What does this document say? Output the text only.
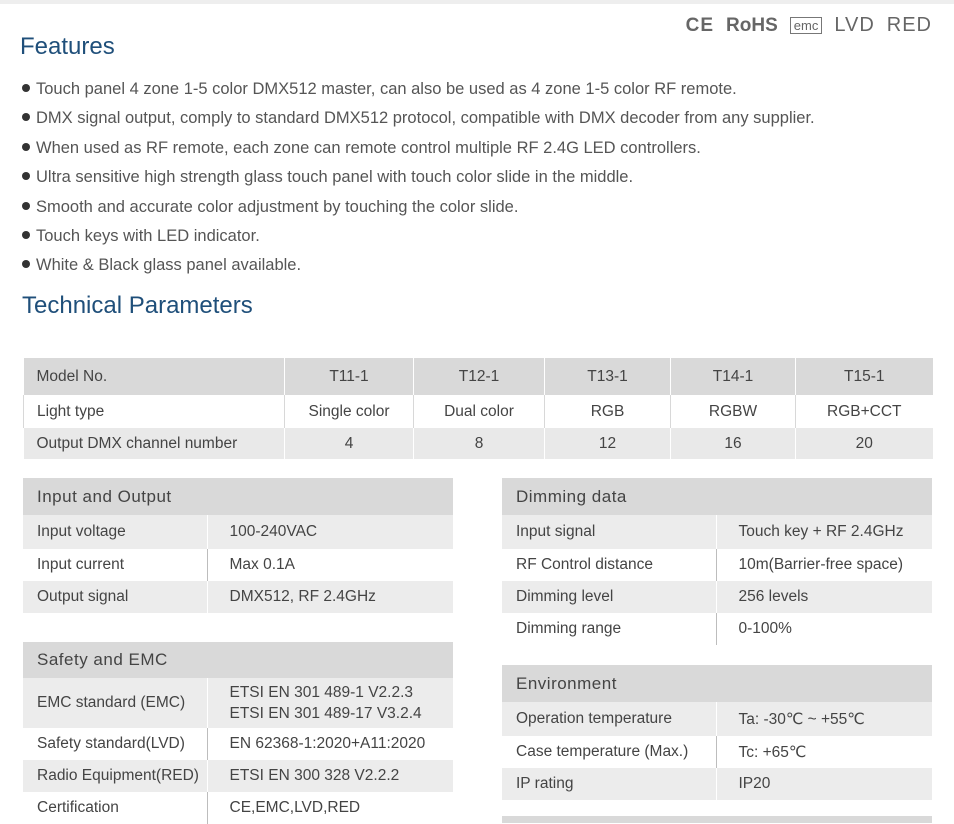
CE RoHS	emc LVD RED
Features
Touch panel 4 zone 1-5 color DMX512 master, can also be used as 4 zone 1-5 color RF remote.
DMX signal output, comply to standard DMX512 protocol, compatible with DMX decoder from any supplier.
When used as RF remote, each zone can remote control multiple RF 2.4G LED controllers.
Ultra sensitive high strength glass touch panel with touch color slide in the middle.
Smooth and accurate color adjustment by touching the color slide.
Touch keys with LED indicator.
White & Black glass panel available.
Technical Parameters
Model No.	T11-1	T12-1	T13-1	T14-1	T15-1
Light type	Single color	Dual color	RGB	RGBW	RGB+CCT
Output DMX channel number	4	8	12	16	20
Input and Output	
Input voltage	100-240VAC
Input current	Max 0.1A
Output signal	DMX512, RF 2.4GHz
Dimming data	
Input signal	Touch key + RF 2.4GHz
RF Control distance	10m(Barrier-free space)
Dimming level	256 levels
Dimming range	0-100%
Safety and EMC	
EMC standard (EMC)	ETSI EN 301 489-1 V2.2.3
ETSI EN 301 489-17 V3.2.4

Safety standard(LVD)	EN 62368-1:2020+A11:2020
Radio Equipment(RED)	ETSI EN 300 328 V2.2.2
Certification	CE,EMC,LVD,RED
Environment	
Operation temperature	Ta: -30℃ ~ +55℃
Case temperature (Max.)	Tc: +65℃
IP rating	IP20
